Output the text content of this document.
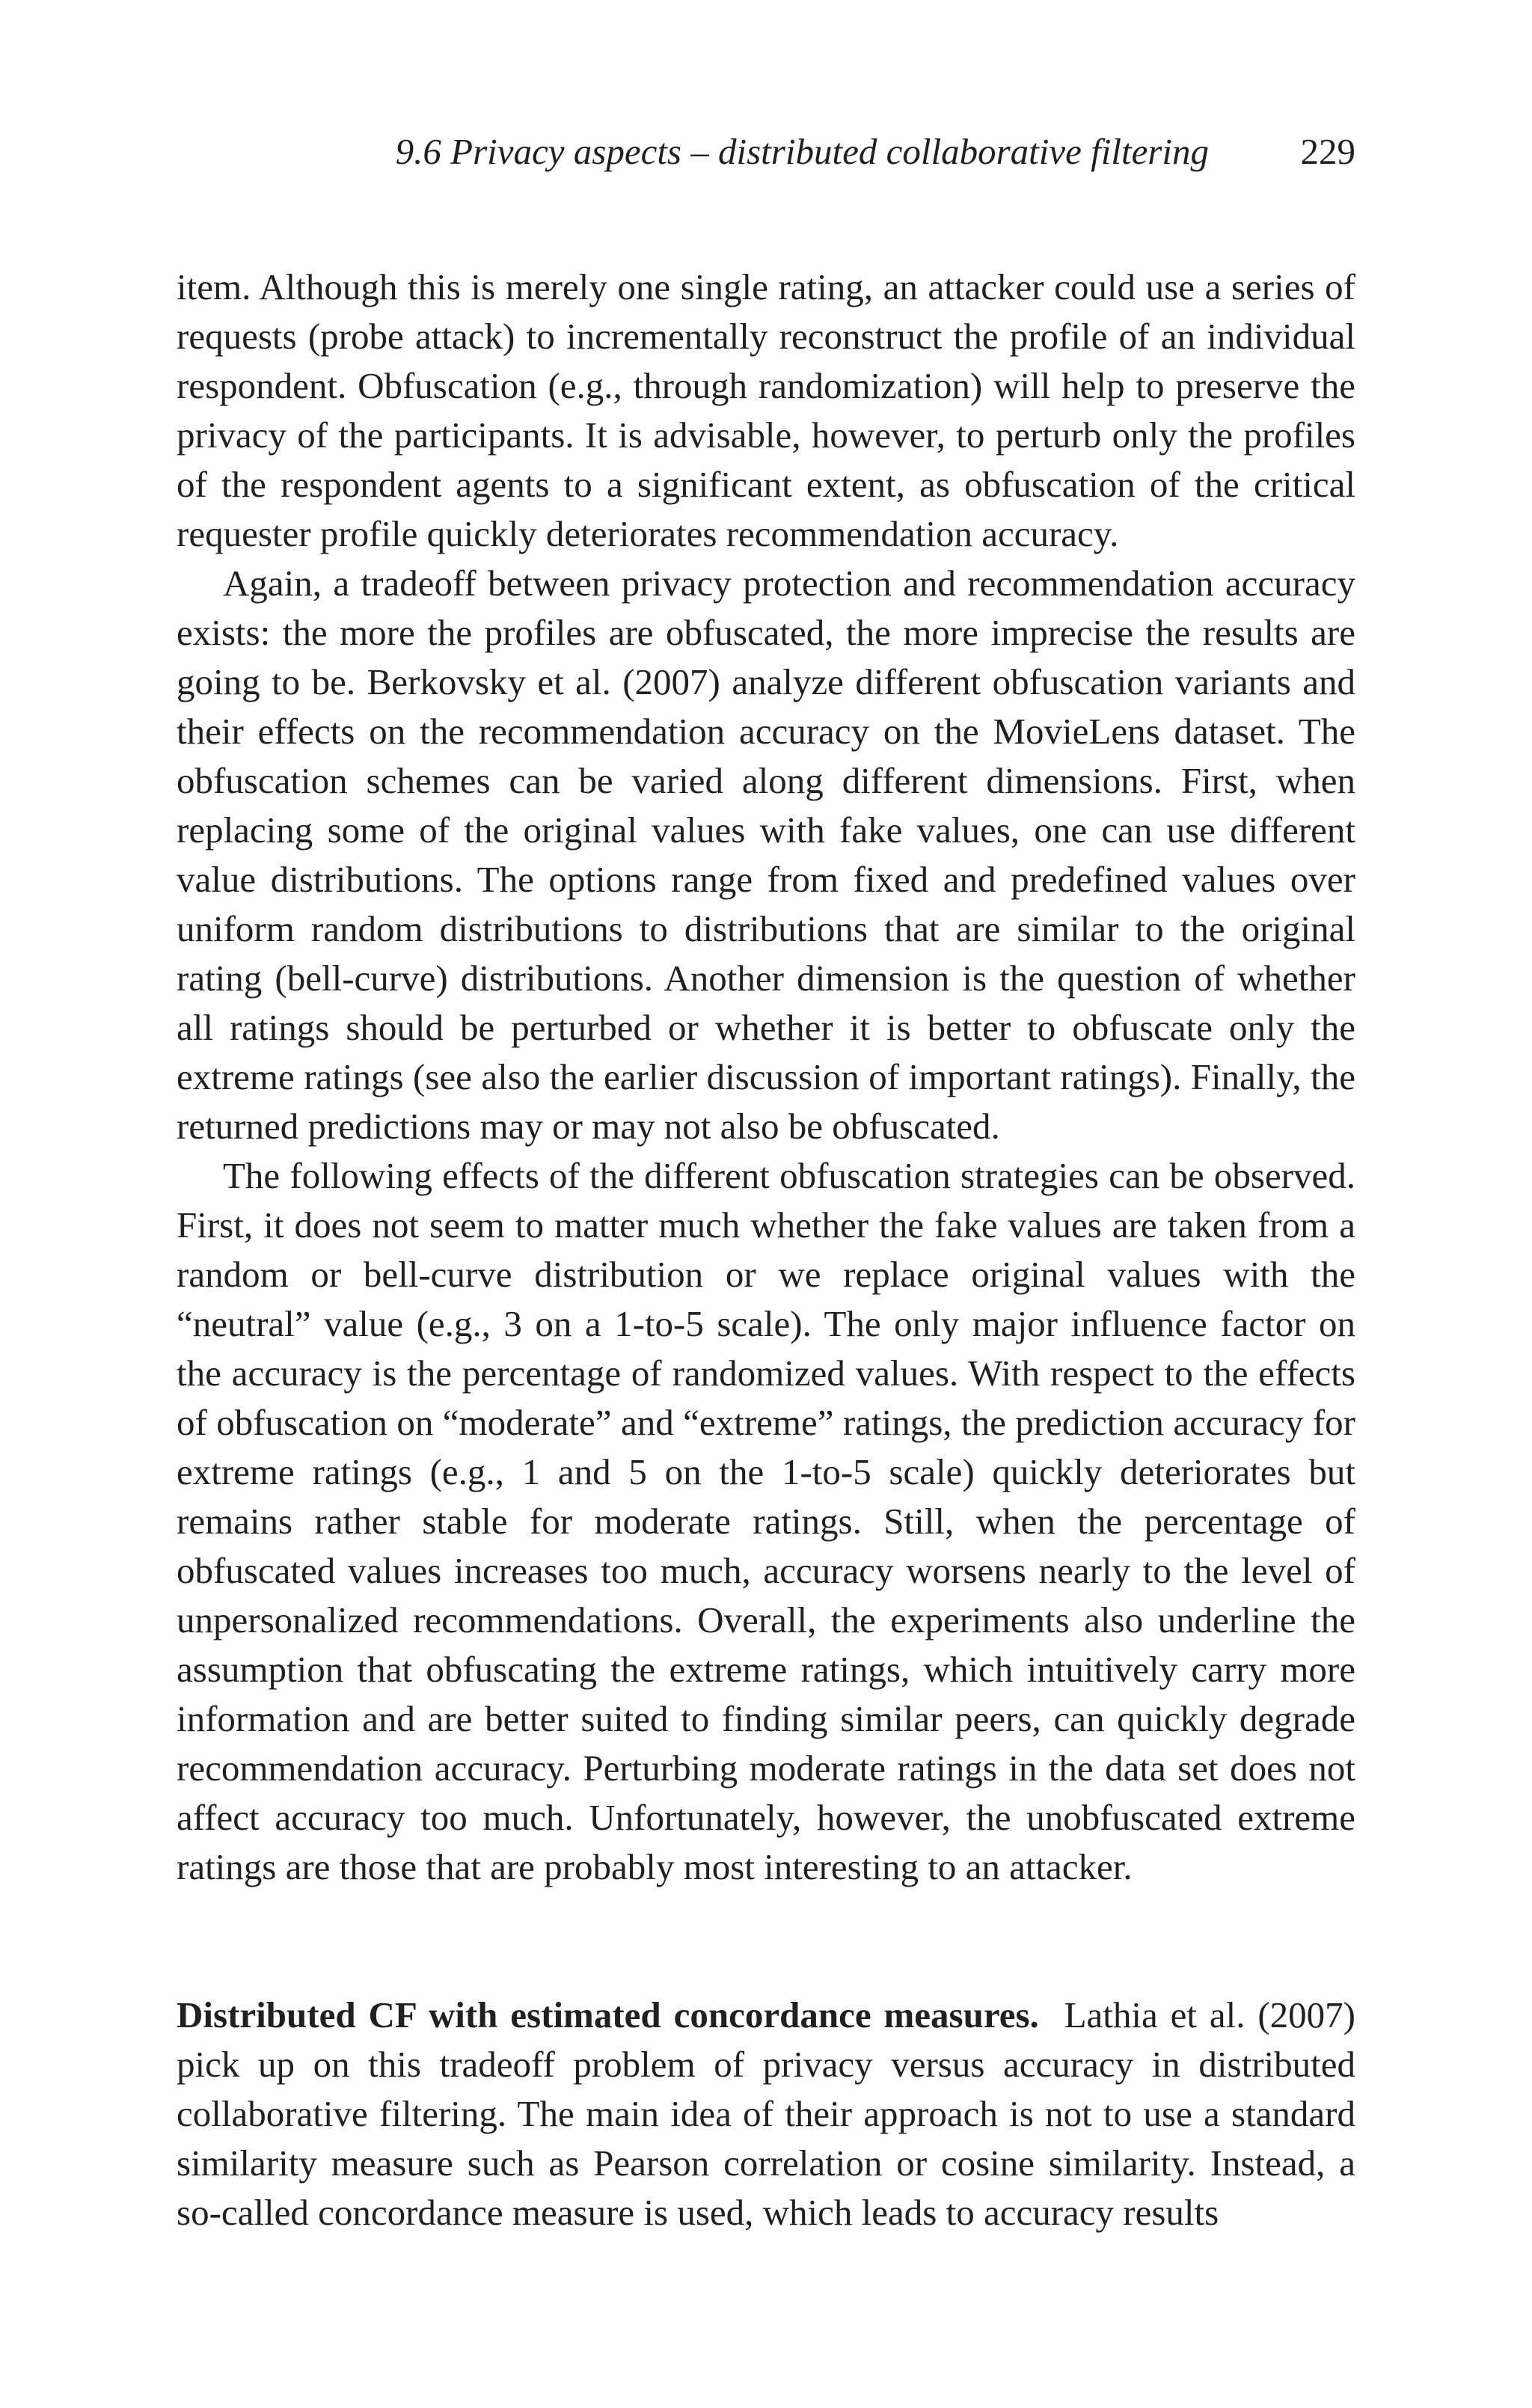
9.6 Privacy aspects – distributed collaborative filtering	229

item. Although this is merely one single rating, an attacker could use a series of requests (probe attack) to incrementally reconstruct the profile of an individual respondent. Obfuscation (e.g., through randomization) will help to preserve the privacy of the participants. It is advisable, however, to perturb only the profiles of the respondent agents to a significant extent, as obfuscation of the critical requester profile quickly deteriorates recommendation accuracy.

Again, a tradeoff between privacy protection and recommendation accuracy exists: the more the profiles are obfuscated, the more imprecise the results are going to be. Berkovsky et al. (2007) analyze different obfuscation variants and their effects on the recommendation accuracy on the MovieLens dataset. The obfuscation schemes can be varied along different dimensions. First, when replacing some of the original values with fake values, one can use different value distributions. The options range from fixed and predefined values over uniform random distributions to distributions that are similar to the original rating (bell-curve) distributions. Another dimension is the question of whether all ratings should be perturbed or whether it is better to obfuscate only the extreme ratings (see also the earlier discussion of important ratings). Finally, the returned predictions may or may not also be obfuscated.

The following effects of the different obfuscation strategies can be observed. First, it does not seem to matter much whether the fake values are taken from a random or bell-curve distribution or we replace original values with the “neutral” value (e.g., 3 on a 1-to-5 scale). The only major influence factor on the accuracy is the percentage of randomized values. With respect to the effects of obfuscation on “moderate” and “extreme” ratings, the prediction accuracy for extreme ratings (e.g., 1 and 5 on the 1-to-5 scale) quickly deteriorates but remains rather stable for moderate ratings. Still, when the percentage of obfuscated values increases too much, accuracy worsens nearly to the level of unpersonalized recommendations. Overall, the experiments also underline the assumption that obfuscating the extreme ratings, which intuitively carry more information and are better suited to finding similar peers, can quickly degrade recommendation accuracy. Perturbing moderate ratings in the data set does not affect accuracy too much. Unfortunately, however, the unobfuscated extreme ratings are those that are probably most interesting to an attacker.

Distributed CF with estimated concordance measures. Lathia et al. (2007) pick up on this tradeoff problem of privacy versus accuracy in distributed collaborative filtering. The main idea of their approach is not to use a standard similarity measure such as Pearson correlation or cosine similarity. Instead, a so-called concordance measure is used, which leads to accuracy results
